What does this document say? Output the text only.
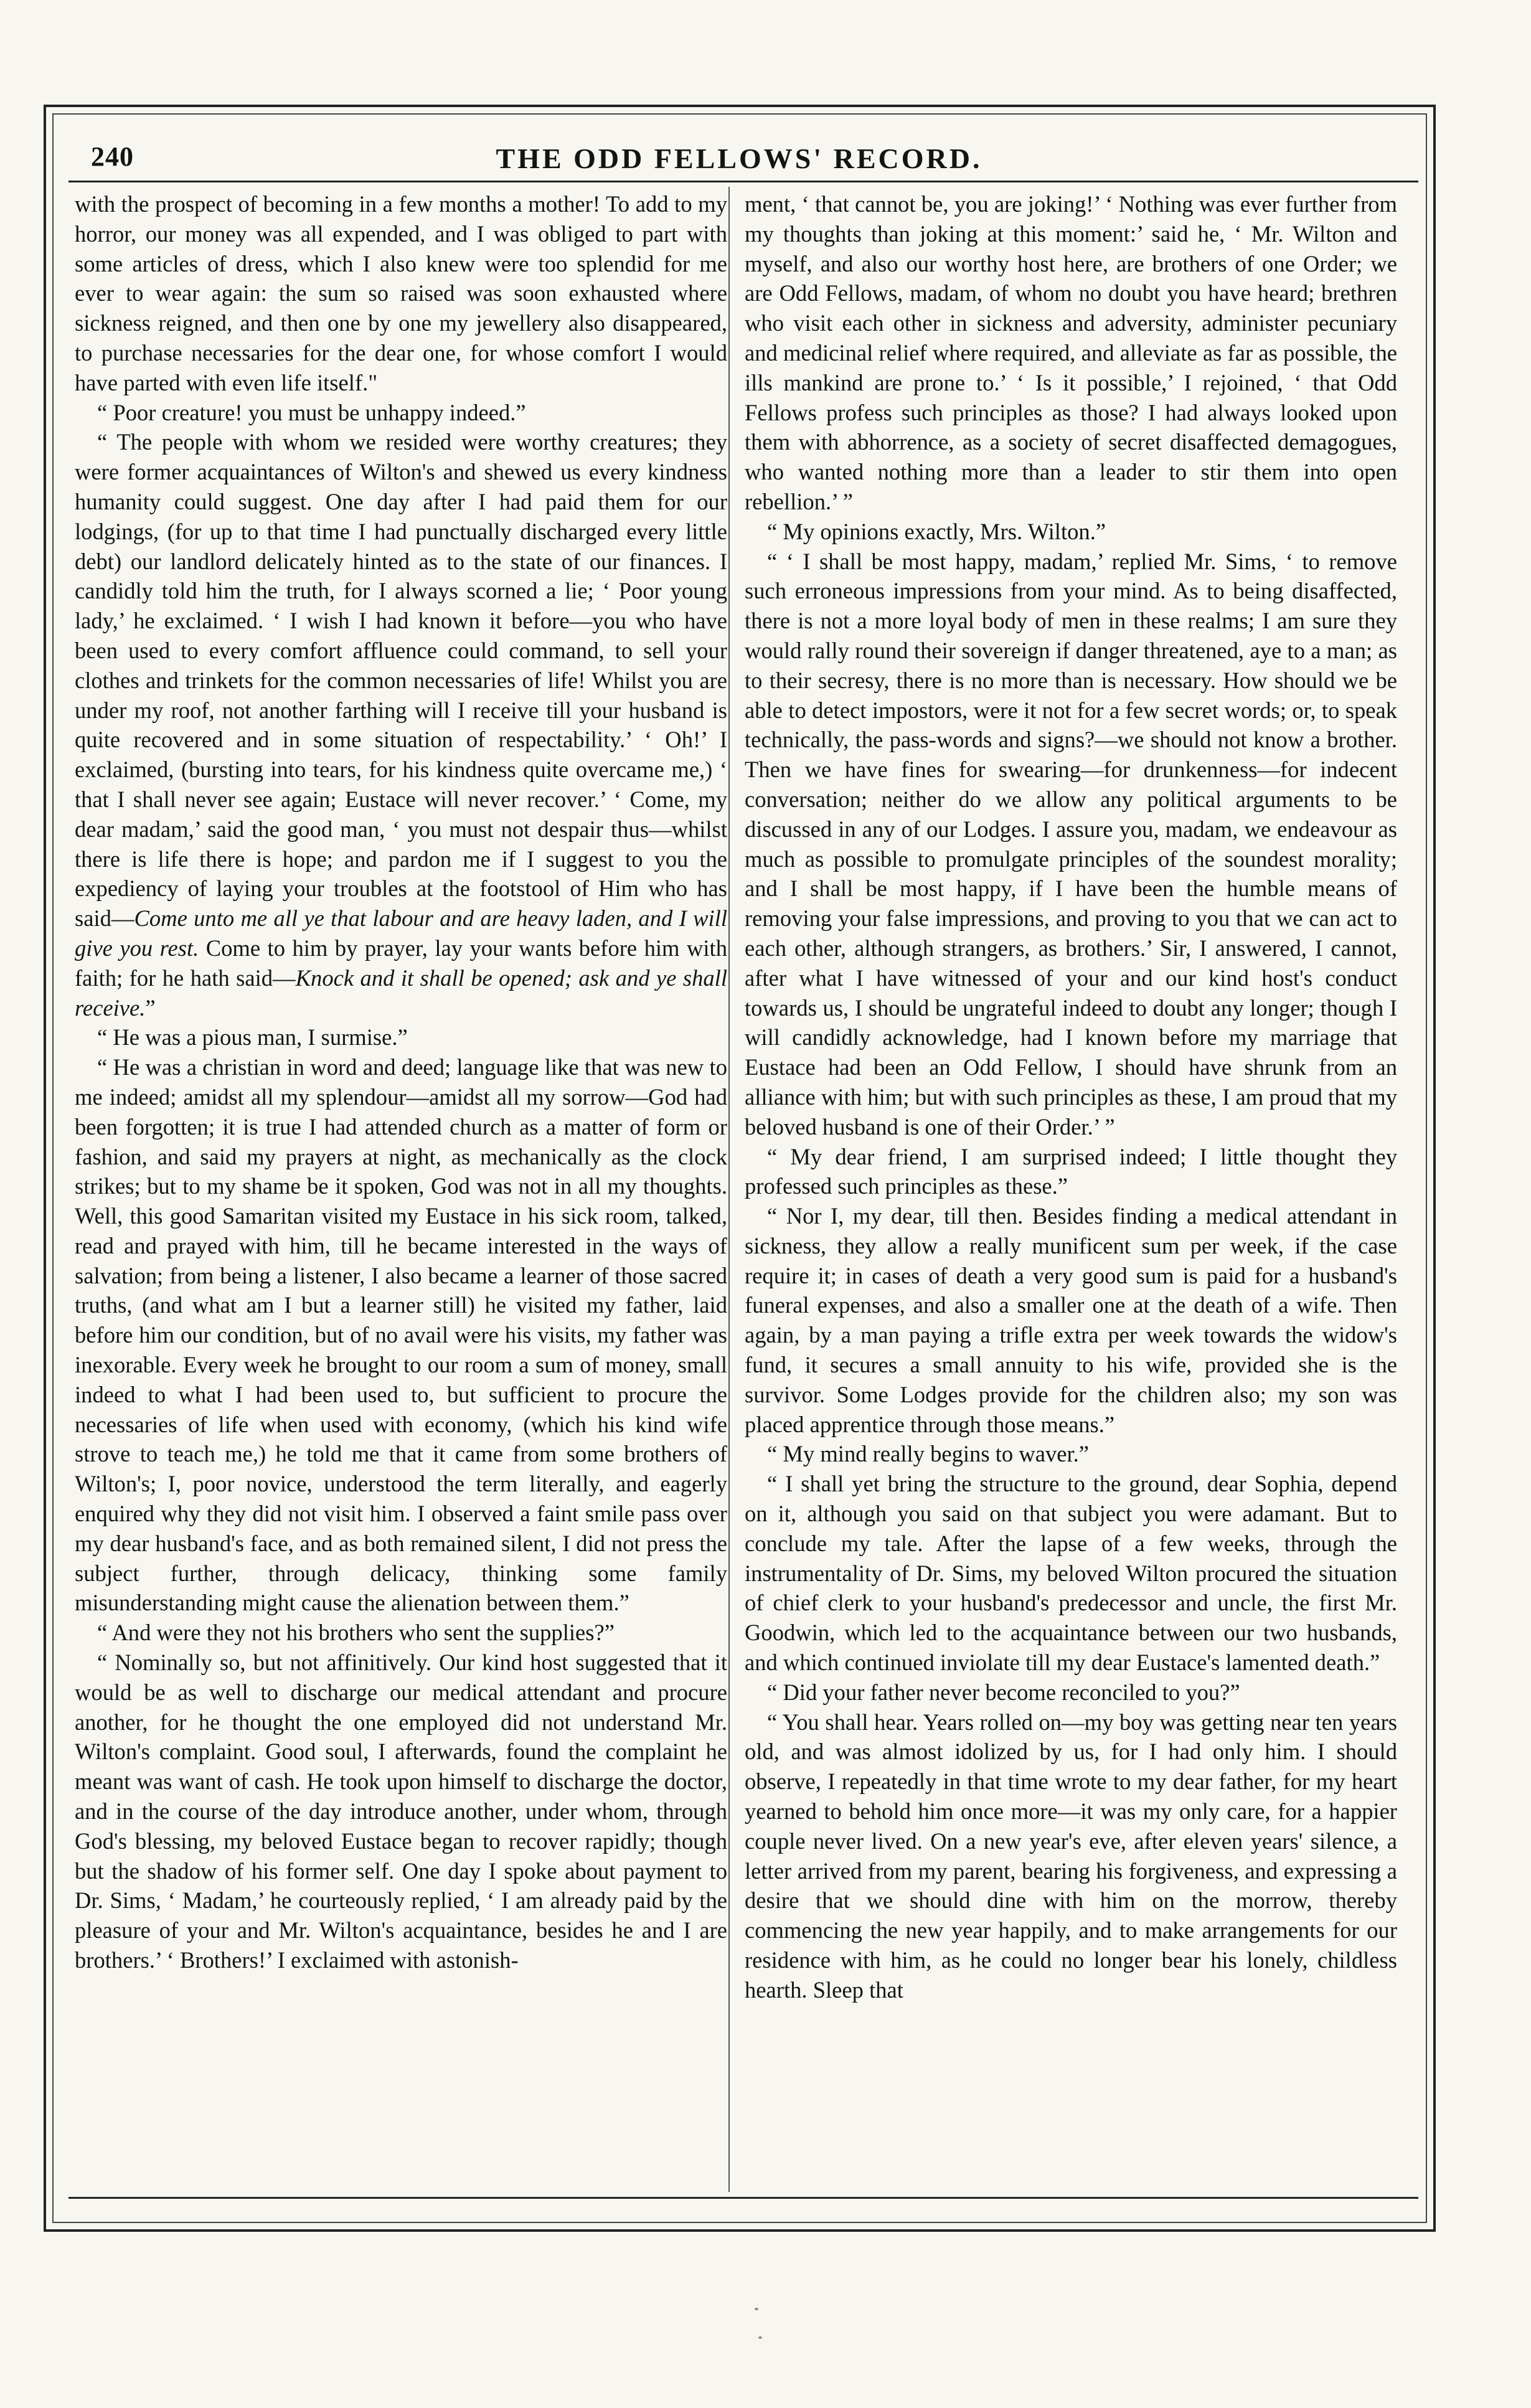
240	THE ODD FELLOWS' RECORD.

with the prospect of becoming in a few months a mother! To add to my horror, our money was all expended, and I was obliged to part with some articles of dress, which I also knew were too splendid for me ever to wear again: the sum so raised was soon exhausted where sickness reigned, and then one by one my jewellery also disappeared, to purchase necessaries for the dear one, for whose comfort I would have parted with even life itself."

“ Poor creature! you must be unhappy indeed.”

“ The people with whom we resided were worthy creatures; they were former acquaintances of Wilton's and shewed us every kindness humanity could suggest. One day after I had paid them for our lodgings, (for up to that time I had punctually discharged every little debt) our landlord delicately hinted as to the state of our finances. I candidly told him the truth, for I always scorned a lie; ‘ Poor young lady,’ he exclaimed. ‘ I wish I had known it before—you who have been used to every comfort affluence could command, to sell your clothes and trinkets for the common necessaries of life! Whilst you are under my roof, not another farthing will I receive till your husband is quite recovered and in some situation of respectability.’ ‘ Oh!’ I exclaimed, (bursting into tears, for his kindness quite overcame me,) ‘ that I shall never see again; Eustace will never recover.’ ‘ Come, my dear madam,’ said the good man, ‘ you must not despair thus—whilst there is life there is hope; and pardon me if I suggest to you the expediency of laying your troubles at the footstool of Him who has said—Come unto me all ye that labour and are heavy laden, and I will give you rest. Come to him by prayer, lay your wants before him with faith; for he hath said—Knock and it shall be opened; ask and ye shall receive.”

“ He was a pious man, I surmise.”

“ He was a christian in word and deed; language like that was new to me indeed; amidst all my splendour—amidst all my sorrow—God had been forgotten; it is true I had attended church as a matter of form or fashion, and said my prayers at night, as mechanically as the clock strikes; but to my shame be it spoken, God was not in all my thoughts. Well, this good Samaritan visited my Eustace in his sick room, talked, read and prayed with him, till he became interested in the ways of salvation; from being a listener, I also became a learner of those sacred truths, (and what am I but a learner still) he visited my father, laid before him our condition, but of no avail were his visits, my father was inexorable. Every week he brought to our room a sum of money, small indeed to what I had been used to, but sufficient to procure the necessaries of life when used with economy, (which his kind wife strove to teach me,) he told me that it came from some brothers of Wilton's; I, poor novice, understood the term literally, and eagerly enquired why they did not visit him. I observed a faint smile pass over my dear husband's face, and as both remained silent, I did not press the subject further, through delicacy, thinking some family misunderstanding might cause the alienation between them.”

“ And were they not his brothers who sent the supplies?”

“ Nominally so, but not affinitively. Our kind host suggested that it would be as well to discharge our medical attendant and procure another, for he thought the one employed did not understand Mr. Wilton's complaint. Good soul, I afterwards, found the complaint he meant was want of cash. He took upon himself to discharge the doctor, and in the course of the day introduce another, under whom, through God's blessing, my beloved Eustace began to recover rapidly; though but the shadow of his former self. One day I spoke about payment to Dr. Sims, ‘ Madam,’ he courteously replied, ‘ I am already paid by the pleasure of your and Mr. Wilton's acquaintance, besides he and I are brothers.’ ‘ Brothers!’ I exclaimed with astonish-

ment, ‘ that cannot be, you are joking!’ ‘ Nothing was ever further from my thoughts than joking at this moment:’ said he, ‘ Mr. Wilton and myself, and also our worthy host here, are brothers of one Order; we are Odd Fellows, madam, of whom no doubt you have heard; brethren who visit each other in sickness and adversity, administer pecuniary and medicinal relief where required, and alleviate as far as possible, the ills mankind are prone to.’ ‘ Is it possible,’ I rejoined, ‘ that Odd Fellows profess such principles as those? I had always looked upon them with abhorrence, as a society of secret disaffected demagogues, who wanted nothing more than a leader to stir them into open rebellion.’ ”

“ My opinions exactly, Mrs. Wilton.”

“ ‘ I shall be most happy, madam,’ replied Mr. Sims, ‘ to remove such erroneous impressions from your mind. As to being disaffected, there is not a more loyal body of men in these realms; I am sure they would rally round their sovereign if danger threatened, aye to a man; as to their secresy, there is no more than is necessary. How should we be able to detect impostors, were it not for a few secret words; or, to speak technically, the pass-words and signs?—we should not know a brother. Then we have fines for swearing—for drunkenness—for indecent conversation; neither do we allow any political arguments to be discussed in any of our Lodges. I assure you, madam, we endeavour as much as possible to promulgate principles of the soundest morality; and I shall be most happy, if I have been the humble means of removing your false impressions, and proving to you that we can act to each other, although strangers, as brothers.’ Sir, I answered, I cannot, after what I have witnessed of your and our kind host's conduct towards us, I should be ungrateful indeed to doubt any longer; though I will candidly acknowledge, had I known before my marriage that Eustace had been an Odd Fellow, I should have shrunk from an alliance with him; but with such principles as these, I am proud that my beloved husband is one of their Order.’ ”

“ My dear friend, I am surprised indeed; I little thought they professed such principles as these.”

“ Nor I, my dear, till then. Besides finding a medical attendant in sickness, they allow a really munificent sum per week, if the case require it; in cases of death a very good sum is paid for a husband's funeral expenses, and also a smaller one at the death of a wife. Then again, by a man paying a trifle extra per week towards the widow's fund, it secures a small annuity to his wife, provided she is the survivor. Some Lodges provide for the children also; my son was placed apprentice through those means.”

“ My mind really begins to waver.”

“ I shall yet bring the structure to the ground, dear Sophia, depend on it, although you said on that subject you were adamant. But to conclude my tale. After the lapse of a few weeks, through the instrumentality of Dr. Sims, my beloved Wilton procured the situation of chief clerk to your husband's predecessor and uncle, the first Mr. Goodwin, which led to the acquaintance between our two husbands, and which continued inviolate till my dear Eustace's lamented death.”

“ Did your father never become reconciled to you?”

“ You shall hear. Years rolled on—my boy was getting near ten years old, and was almost idolized by us, for I had only him. I should observe, I repeatedly in that time wrote to my dear father, for my heart yearned to behold him once more—it was my only care, for a happier couple never lived. On a new year's eve, after eleven years' silence, a letter arrived from my parent, bearing his forgiveness, and expressing a desire that we should dine with him on the morrow, thereby commencing the new year happily, and to make arrangements for our residence with him, as he could no longer bear his lonely, childless hearth. Sleep that
